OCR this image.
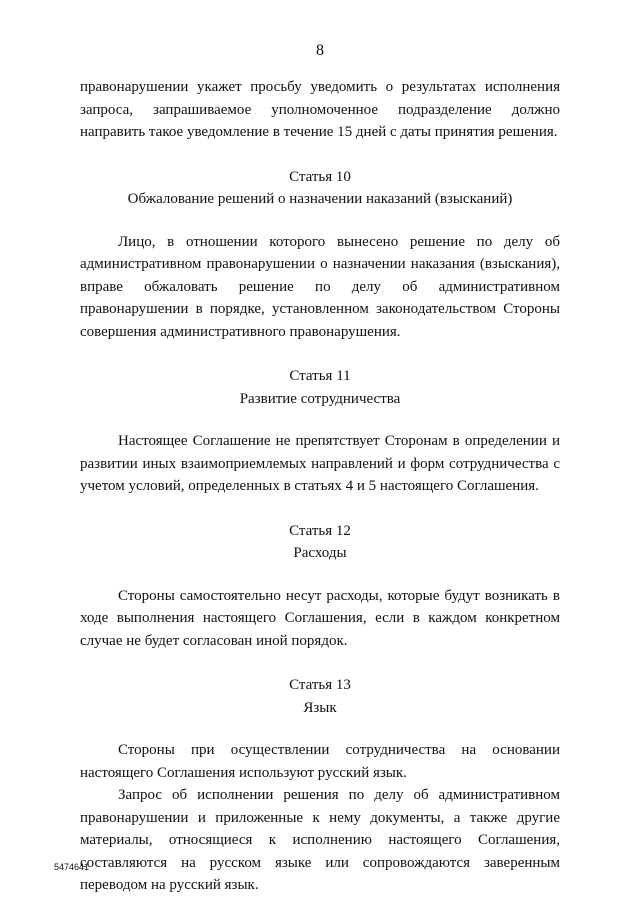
8

правонарушении укажет просьбу уведомить о результатах исполнения запроса, запрашиваемое уполномоченное подразделение должно направить такое уведомление в течение 15 дней с даты принятия решения.

Статья 10

Обжалование решений о назначении наказаний (взысканий)

Лицо, в отношении которого вынесено решение по делу об административном правонарушении о назначении наказания (взыскания), вправе обжаловать решение по делу об административном правонарушении в порядке, установленном законодательством Стороны совершения административного правонарушения.

Статья 11

Развитие сотрудничества

Настоящее Соглашение не препятствует Сторонам в определении и развитии иных взаимоприемлемых направлений и форм сотрудничества с учетом условий, определенных в статьях 4 и 5 настоящего Соглашения.

Статья 12

Расходы

Стороны самостоятельно несут расходы, которые будут возникать в ходе выполнения настоящего Соглашения, если в каждом конкретном случае не будет согласован иной порядок.

Статья 13

Язык

Стороны при осуществлении сотрудничества на основании настоящего Соглашения используют русский язык.

Запрос об исполнении решения по делу об административном правонарушении и приложенные к нему документы, а также другие материалы, относящиеся к исполнению настоящего Соглашения, составляются на русском языке или сопровождаются заверенным переводом на русский язык.

5474641
